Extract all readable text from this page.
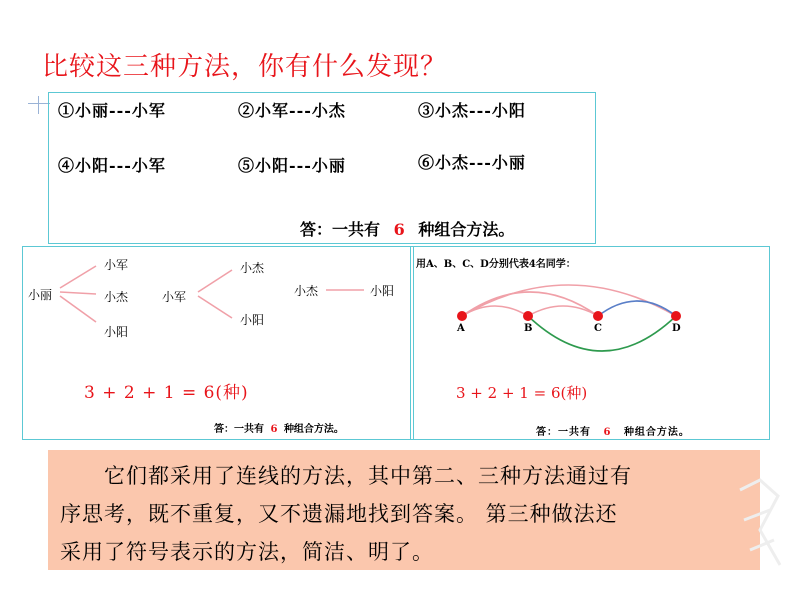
比较这三种方法，你有什么发现？
①小丽---小军	②小军---小杰	③小杰---小阳
④小阳---小军	⑤小阳---小丽	⑥小杰---小丽
答：一共有 6 种组合方法。
小丽
小军
小杰
小阳
小军
小杰
小阳
小杰	小阳
3 + 2 + 1 = 6(种)
答：一共有 6 种组合方法。
用A、B、C、D分别代表4名同学：
A	B	C	D
3 + 2 + 1 = 6(种)
答：一共有 6 种组合方法。

它们都采用了连线的方法，其中第二、三种方法通过有

序思考，既不重复，又不遗漏地找到答案。 第三种做法还
采用了符号表示的方法，简洁、明了。
